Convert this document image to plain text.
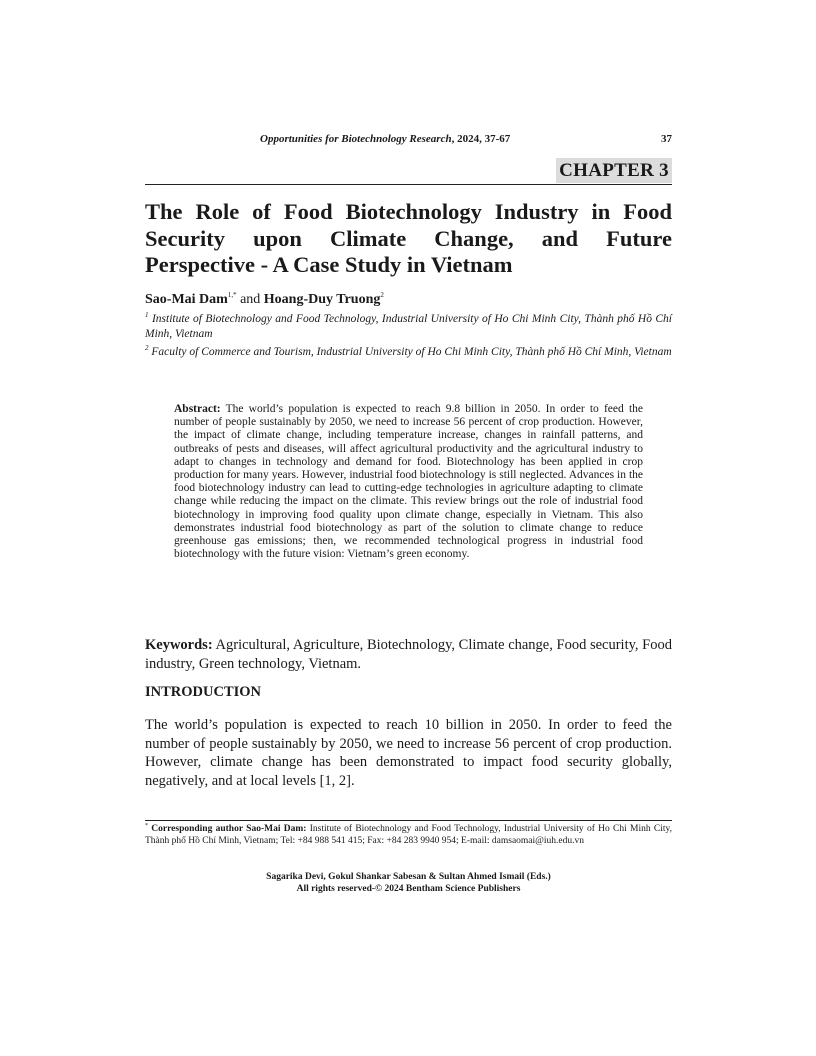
Opportunities for Biotechnology Research, 2024, 37-67	37
CHAPTER 3
The Role of Food Biotechnology Industry in Food Security upon Climate Change, and Future Perspective - A Case Study in Vietnam
Sao-Mai Dam$^{1,*}$ and Hoang-Duy Truong$^2$
$^1$ Institute of Biotechnology and Food Technology, Industrial University of Ho Chi Minh City, Thành phố Hồ Chí Minh, Vietnam
$^2$ Faculty of Commerce and Tourism, Industrial University of Ho Chi Minh City, Thành phố Hồ Chí Minh, Vietnam
Abstract: The world’s population is expected to reach 9.8 billion in 2050. In order to feed the number of people sustainably by 2050, we need to increase 56 percent of crop production. However, the impact of climate change, including temperature increase, changes in rainfall patterns, and outbreaks of pests and diseases, will affect agricultural productivity and the agricultural industry to adapt to changes in technology and demand for food. Biotechnology has been applied in crop production for many years. However, industrial food biotechnology is still neglected. Advances in the food biotechnology industry can lead to cutting-edge technologies in agriculture adapting to climate change while reducing the impact on the climate. This review brings out the role of industrial food biotechnology in improving food quality upon climate change, especially in Vietnam. This also demonstrates industrial food biotechnology as part of the solution to climate change to reduce greenhouse gas emissions; then, we recommended technological progress in industrial food biotechnology with the future vision: Vietnam’s green economy.
Keywords: Agricultural, Agriculture, Biotechnology, Climate change, Food security, Food industry, Green technology, Vietnam.
INTRODUCTION
The world’s population is expected to reach 10 billion in 2050. In order to feed the number of people sustainably by 2050, we need to increase 56 percent of crop production. However, climate change has been demonstrated to impact food security globally, negatively, and at local levels [1, 2].
* Corresponding author Sao-Mai Dam: Institute of Biotechnology and Food Technology, Industrial University of Ho Chi Minh City, Thành phố Hồ Chí Minh, Vietnam; Tel: +84 988 541 415; Fax: +84 283 9940 954; E-mail: damsaomai@iuh.edu.vn
Sagarika Devi, Gokul Shankar Sabesan & Sultan Ahmed Ismail (Eds.)
All rights reserved-© 2024 Bentham Science Publishers
